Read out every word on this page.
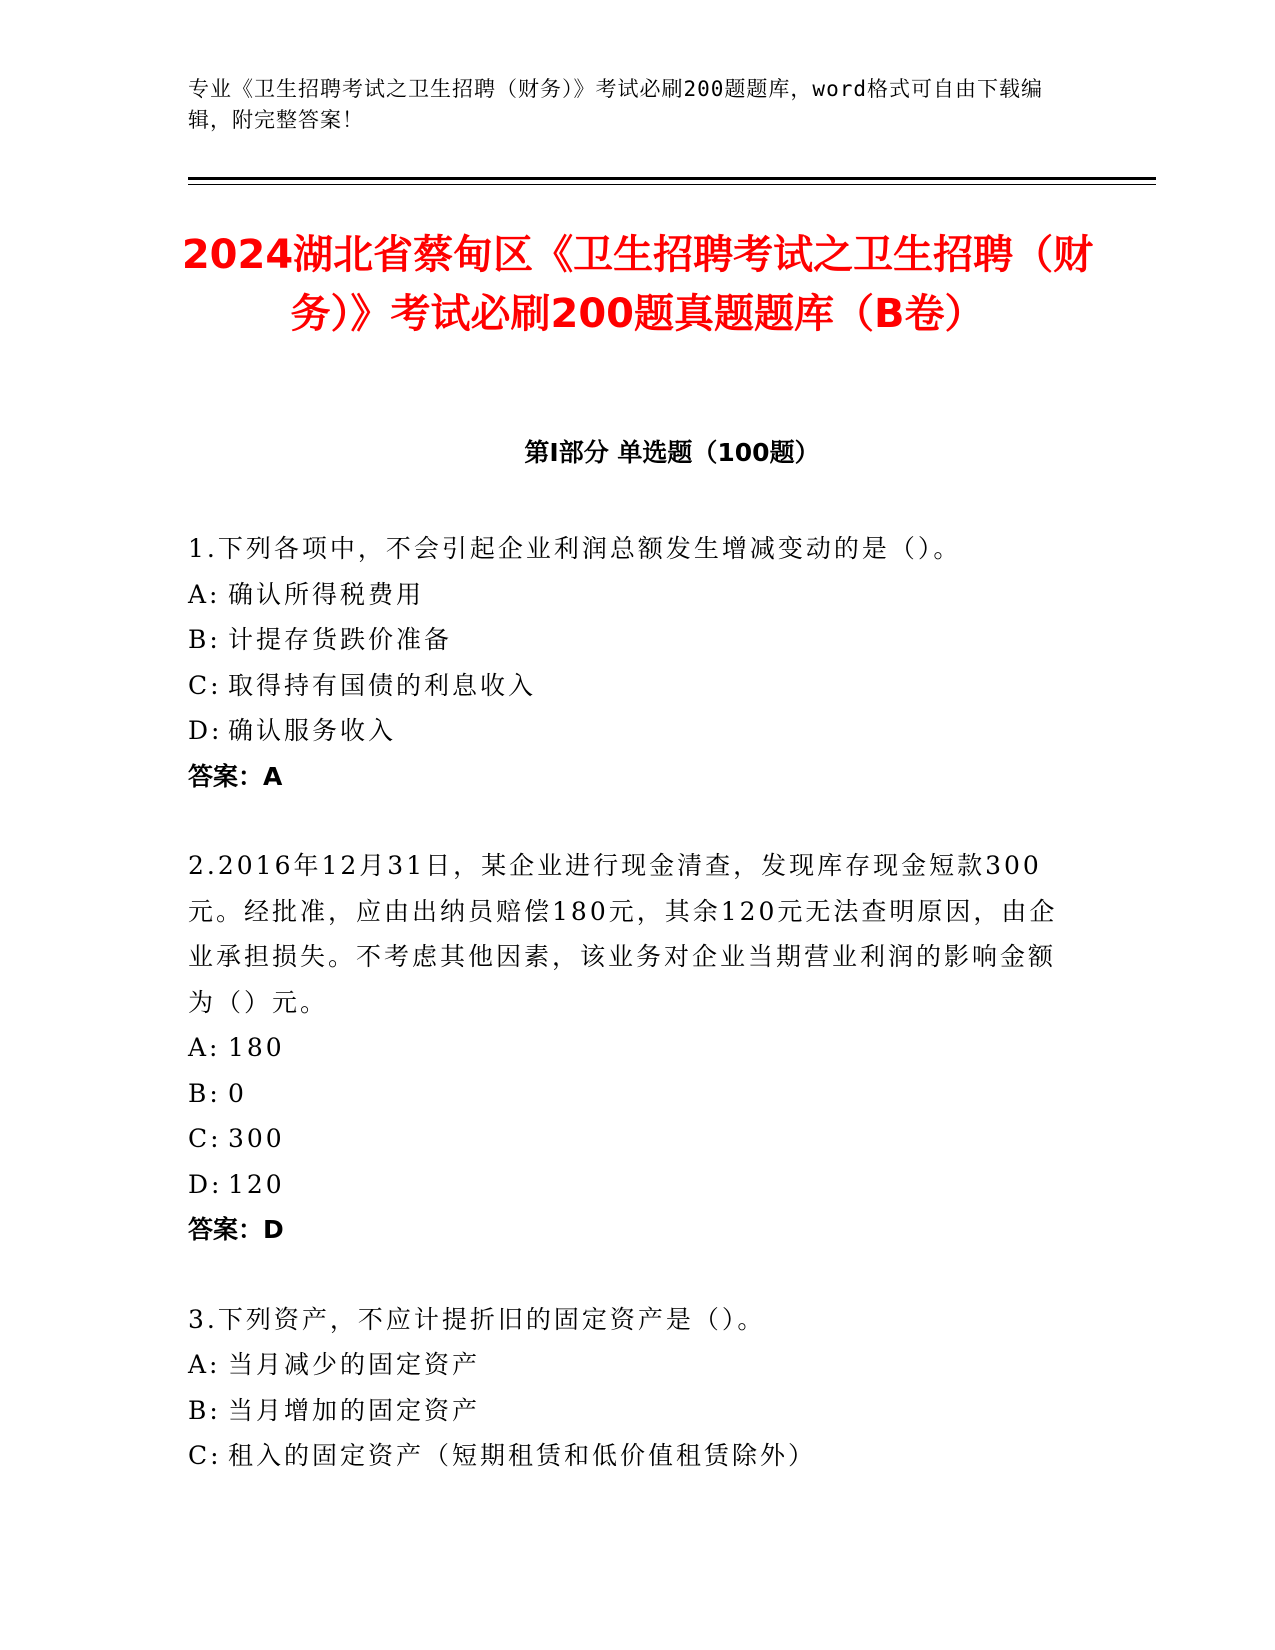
专业《卫生招聘考试之卫生招聘（财务）》考试必刷200题题库，word格式可自由下载编辑，附完整答案！

2024湖北省蔡甸区《卫生招聘考试之卫生招聘（财务）》考试必刷200题真题题库（B卷）
第I部分 单选题（100题）

1.下列各项中，不会引起企业利润总额发生增减变动的是（）。

A: 确认所得税费用

B: 计提存货跌价准备

C: 取得持有国债的利息收入

D: 确认服务收入

答案：A

2.2016年12月31日，某企业进行现金清查，发现库存现金短款300元。经批准，应由出纳员赔偿180元，其余120元无法查明原因，由企业承担损失。不考虑其他因素，该业务对企业当期营业利润的影响金额为（）元。

A: 180

B: 0

C: 300

D: 120

答案：D

3.下列资产，不应计提折旧的固定资产是（）。

A: 当月减少的固定资产

B: 当月增加的固定资产

C: 租入的固定资产（短期租赁和低价值租赁除外）
